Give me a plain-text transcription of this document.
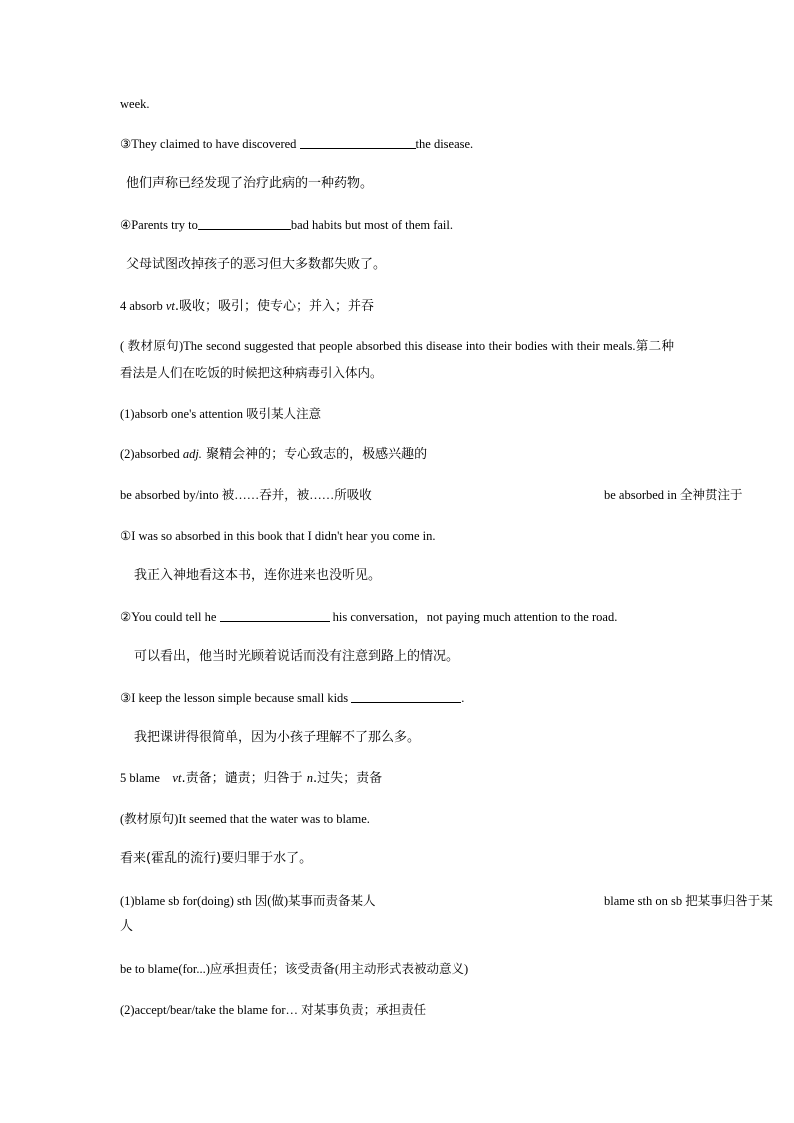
week.
③They claimed to have discovered	the disease.
他们声称已经发现了治疗此病的一种药物。
④Parents try to	bad habits but most of them fail.
父母试图改掉孩子的恶习但大多数都失败了。
4 absorb vt.吸收；吸引；使专心；并入；并吞
( 教材原句)The second suggested that people absorbed this disease into their bodies with their meals.第二种看法是人们在吃饭的时候把这种病毒引入体内。
(1)absorb one's attention 吸引某人注意
(2)absorbed adj. 聚精会神的；专心致志的，极感兴趣的
be absorbed by/into 被……吞并，被……所吸收	be absorbed in 全神贯注于
①I was so absorbed in this book that I didn't hear you come in.
我正入神地看这本书，连你进来也没听见。
②You could tell he	his conversation，not paying much attention to the road.
可以看出，他当时光顾着说话而没有注意到路上的情况。
③I keep the lesson simple because small kids	.
我把课讲得很简单，因为小孩子理解不了那么多。
5 blame    vt.责备；谴责；归咎于 n.过失；责备
(教材原句)It seemed that the water was to blame.
看来(霍乱的流行)要归罪于水了。
(1)blame sb for(doing) sth 因(做)某事而责备某人	blame sth on sb 把某事归咎于某
人
be to blame(for...)应承担责任；该受责备(用主动形式表被动意义)
(2)accept/bear/take the blame for… 对某事负责；承担责任
